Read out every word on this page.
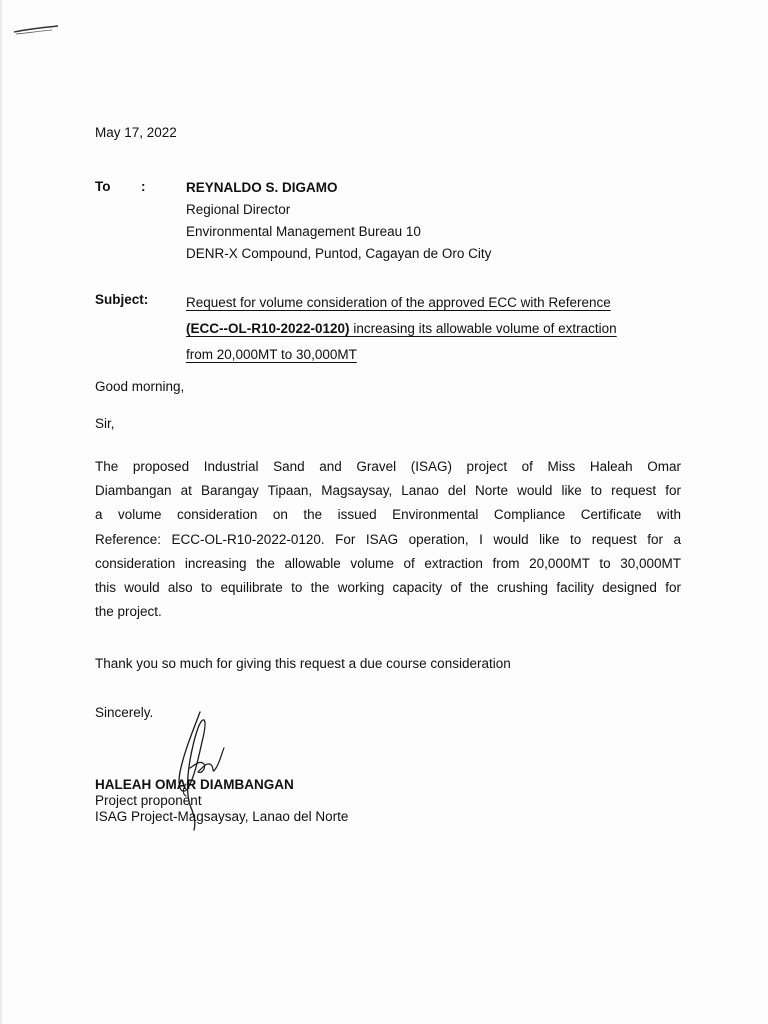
May 17, 2022
To :	REYNALDO S. DIGAMO
Regional Director
Environmental Management Bureau 10
DENR-X Compound, Puntod, Cagayan de Oro City
Subject:	Request for volume consideration of the approved ECC with Reference
(ECC--OL-R10-2022-0120) increasing its allowable volume of extraction
from 20,000MT to 30,000MT
Good morning,
Sir,
The proposed Industrial Sand and Gravel (ISAG) project of Miss Haleah Omar
Diambangan at Barangay Tipaan, Magsaysay, Lanao del Norte would like to request for
a volume consideration on the issued Environmental Compliance Certificate with
Reference: ECC-OL-R10-2022-0120. For ISAG operation, I would like to request for a
consideration increasing the allowable volume of extraction from 20,000MT to 30,000MT
this would also to equilibrate to the working capacity of the crushing facility designed for
the project.
Thank you so much for giving this request a due course consideration
Sincerely.
HALEAH OMAR DIAMBANGAN
Project proponent
ISAG Project-Magsaysay, Lanao del Norte
